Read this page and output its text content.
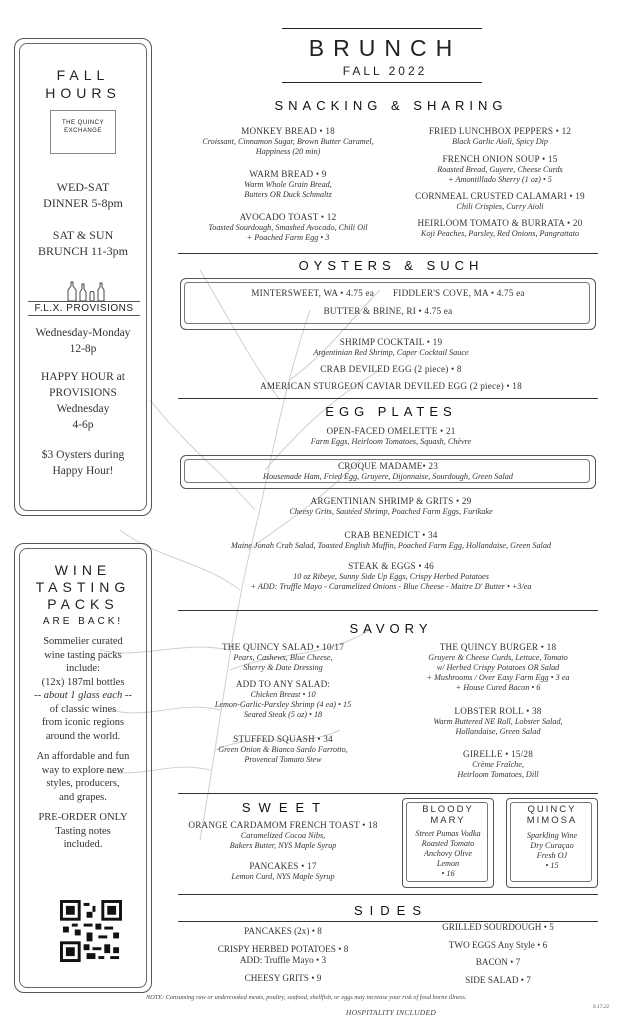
FALL
HOURS
THE QUINCY
EXCHANGE
WED-SAT
DINNER 5-8pm
SAT & SUN
BRUNCH 11-3pm
F.L.X. PROVISIONS
Wednesday-Monday
12-8p
HAPPY HOUR at
PROVISIONS
Wednesday
4-6p
$3 Oysters during
Happy Hour!
WINE
TASTING
PACKS
ARE BACK!
Sommelier curated
wine tasting packs
include:
(12x) 187ml bottles
-- about 1 glass each --
of classic wines
from iconic regions
around the world.
An affordable and fun
way to explore new
styles, producers,
and grapes.
PRE-ORDER ONLY
Tasting notes
included.
BRUNCH
FALL 2022
SNACKING & SHARING
MONKEY BREAD • 18
Croissant, Cinnamon Sugar, Brown Butter Caramel,
Happiness (20 min)
WARM BREAD • 9
Warm Whole Grain Bread,
Butters OR Duck Schmaltz
AVOCADO TOAST • 12
Toasted Sourdough, Smashed Avocado, Chili Oil
+ Poached Farm Egg • 3
FRIED LUNCHBOX PEPPERS • 12
Black Garlic Aioli, Spicy Dip
FRENCH ONION SOUP • 15
Roasted Bread, Guyere, Cheese Curds
+ Amontillado Sherry (1 oz) • 5
CORNMEAL CRUSTED CALAMARI • 19
Chili Crispies, Curry Aioli
HEIRLOOM TOMATO & BURRATA • 20
Koji Peaches, Parsley, Red Onions, Pangrattato
OYSTERS & SUCH
MINTERSWEET, WA • 4.75 ea FIDDLER'S COVE, MA • 4.75 ea
BUTTER & BRINE, RI • 4.75 ea
SHRIMP COCKTAIL • 19
Argentinian Red Shrimp, Caper Cocktail Sauce
CRAB DEVILED EGG (2 piece) • 8
AMERICAN STURGEON CAVIAR DEVILED EGG (2 piece) • 18
EGG PLATES
OPEN-FACED OMELETTE • 21
Farm Eggs, Heirloom Tomatoes, Squash, Chèvre
CROQUE MADAME• 23
Housemade Ham, Fried Egg, Gruyere, Dijonnaise, Sourdough, Green Salad
ARGENTINIAN SHRIMP & GRITS • 29
Cheesy Grits, Sautéed Shrimp, Poached Farm Eggs, Furikake
CRAB BENEDICT • 34
Maine Jonah Crab Salad, Toasted English Muffin, Poached Farm Egg, Hollandaise, Green Salad
STEAK & EGGS • 46
10 oz Ribeye, Sunny Side Up Eggs, Crispy Herbed Potatoes
+ ADD: Truffle Mayo - Caramelized Onions - Blue Cheese - Maitre D' Butter • +3/ea
SAVORY
THE QUINCY SALAD • 10/17
Pears, Cashews, Blue Cheese,
Sherry & Date Dressing
ADD TO ANY SALAD:
Chicken Breast • 10
Lemon-Garlic-Parsley Shrimp (4 ea) • 15
Seared Steak (5 oz) • 18
STUFFED SQUASH • 34
Green Onion & Bianco Sardo Farrotto,
Provencal Tomato Stew
THE QUINCY BURGER • 18
Gruyere & Cheese Curds, Lettuce, Tomato
w/ Herbed Crispy Potatoes OR Salad
+ Mushrooms / Over Easy Farm Egg • 3 ea
+ House Cured Bacon • 6
LOBSTER ROLL • 38
Warm Buttered NE Roll, Lobster Salad,
Hollandaise, Green Salad
GIRELLE • 15/28
Crème Fraîche,
Heirloom Tomatoes, Dill
SWEET
ORANGE CARDAMOM FRENCH TOAST • 18
Caramelized Cocoa Nibs,
Bakers Butter, NYS Maple Syrup
PANCAKES • 17
Lemon Curd, NYS Maple Syrup
BLOODY
MARY
Street Pumas Vodka
Roasted Tomato
Anchovy Olive
Lemon
• 16
QUINCY
MIMOSA
Sparkling Wine
Dry Curaçao
Fresh OJ
• 15
SIDES
PANCAKES (2x) • 8
CRISPY HERBED POTATOES • 8
ADD: Truffle Mayo • 3
CHEESY GRITS • 9
GRILLED SOURDOUGH • 5
TWO EGGS Any Style • 6
BACON • 7
SIDE SALAD • 7
NOTE: Consuming raw or undercooked meats, poultry, seafood, shellfish, or eggs may increase your risk of food borne illness.
9.17.22
HOSPITALITY INCLUDED
